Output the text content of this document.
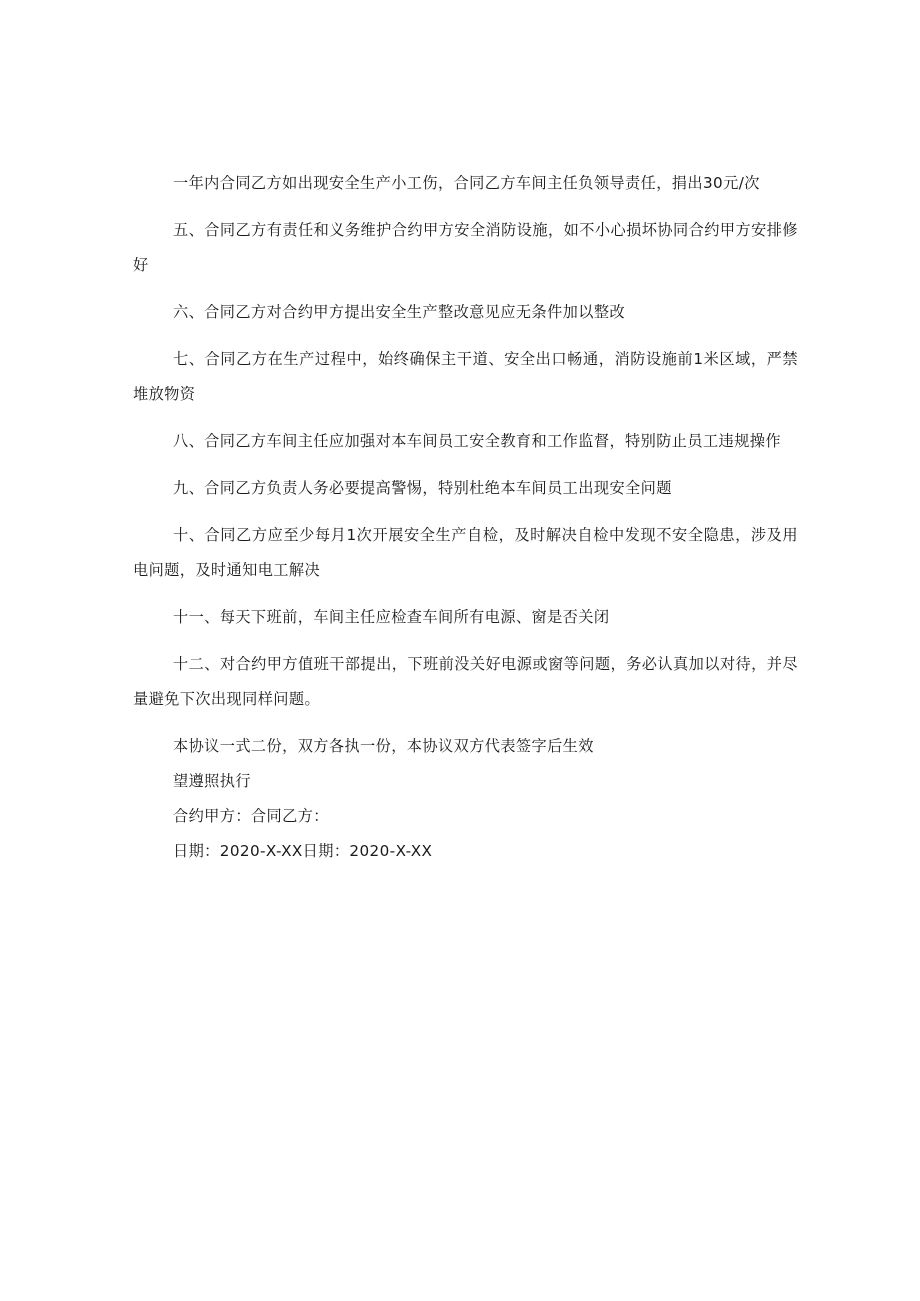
一年内合同乙方如出现安全生产小工伤，合同乙方车间主任负领导责任，捐出30元/次

五、合同乙方有责任和义务维护合约甲方安全消防设施，如不小心损坏协同合约甲方安排修好

六、合同乙方对合约甲方提出安全生产整改意见应无条件加以整改

七、合同乙方在生产过程中，始终确保主干道、安全出口畅通，消防设施前1米区域，严禁堆放物资

八、合同乙方车间主任应加强对本车间员工安全教育和工作监督，特别防止员工违规操作

九、合同乙方负责人务必要提高警惕，特别杜绝本车间员工出现安全问题

十、合同乙方应至少每月1次开展安全生产自检，及时解决自检中发现不安全隐患，涉及用电问题，及时通知电工解决

十一、每天下班前，车间主任应检查车间所有电源、窗是否关闭

十二、对合约甲方值班干部提出，下班前没关好电源或窗等问题，务必认真加以对待，并尽量避免下次出现同样问题。

本协议一式二份，双方各执一份，本协议双方代表签字后生效

望遵照执行

合约甲方：合同乙方：

日期：2020-X-XX日期：2020-X-XX
